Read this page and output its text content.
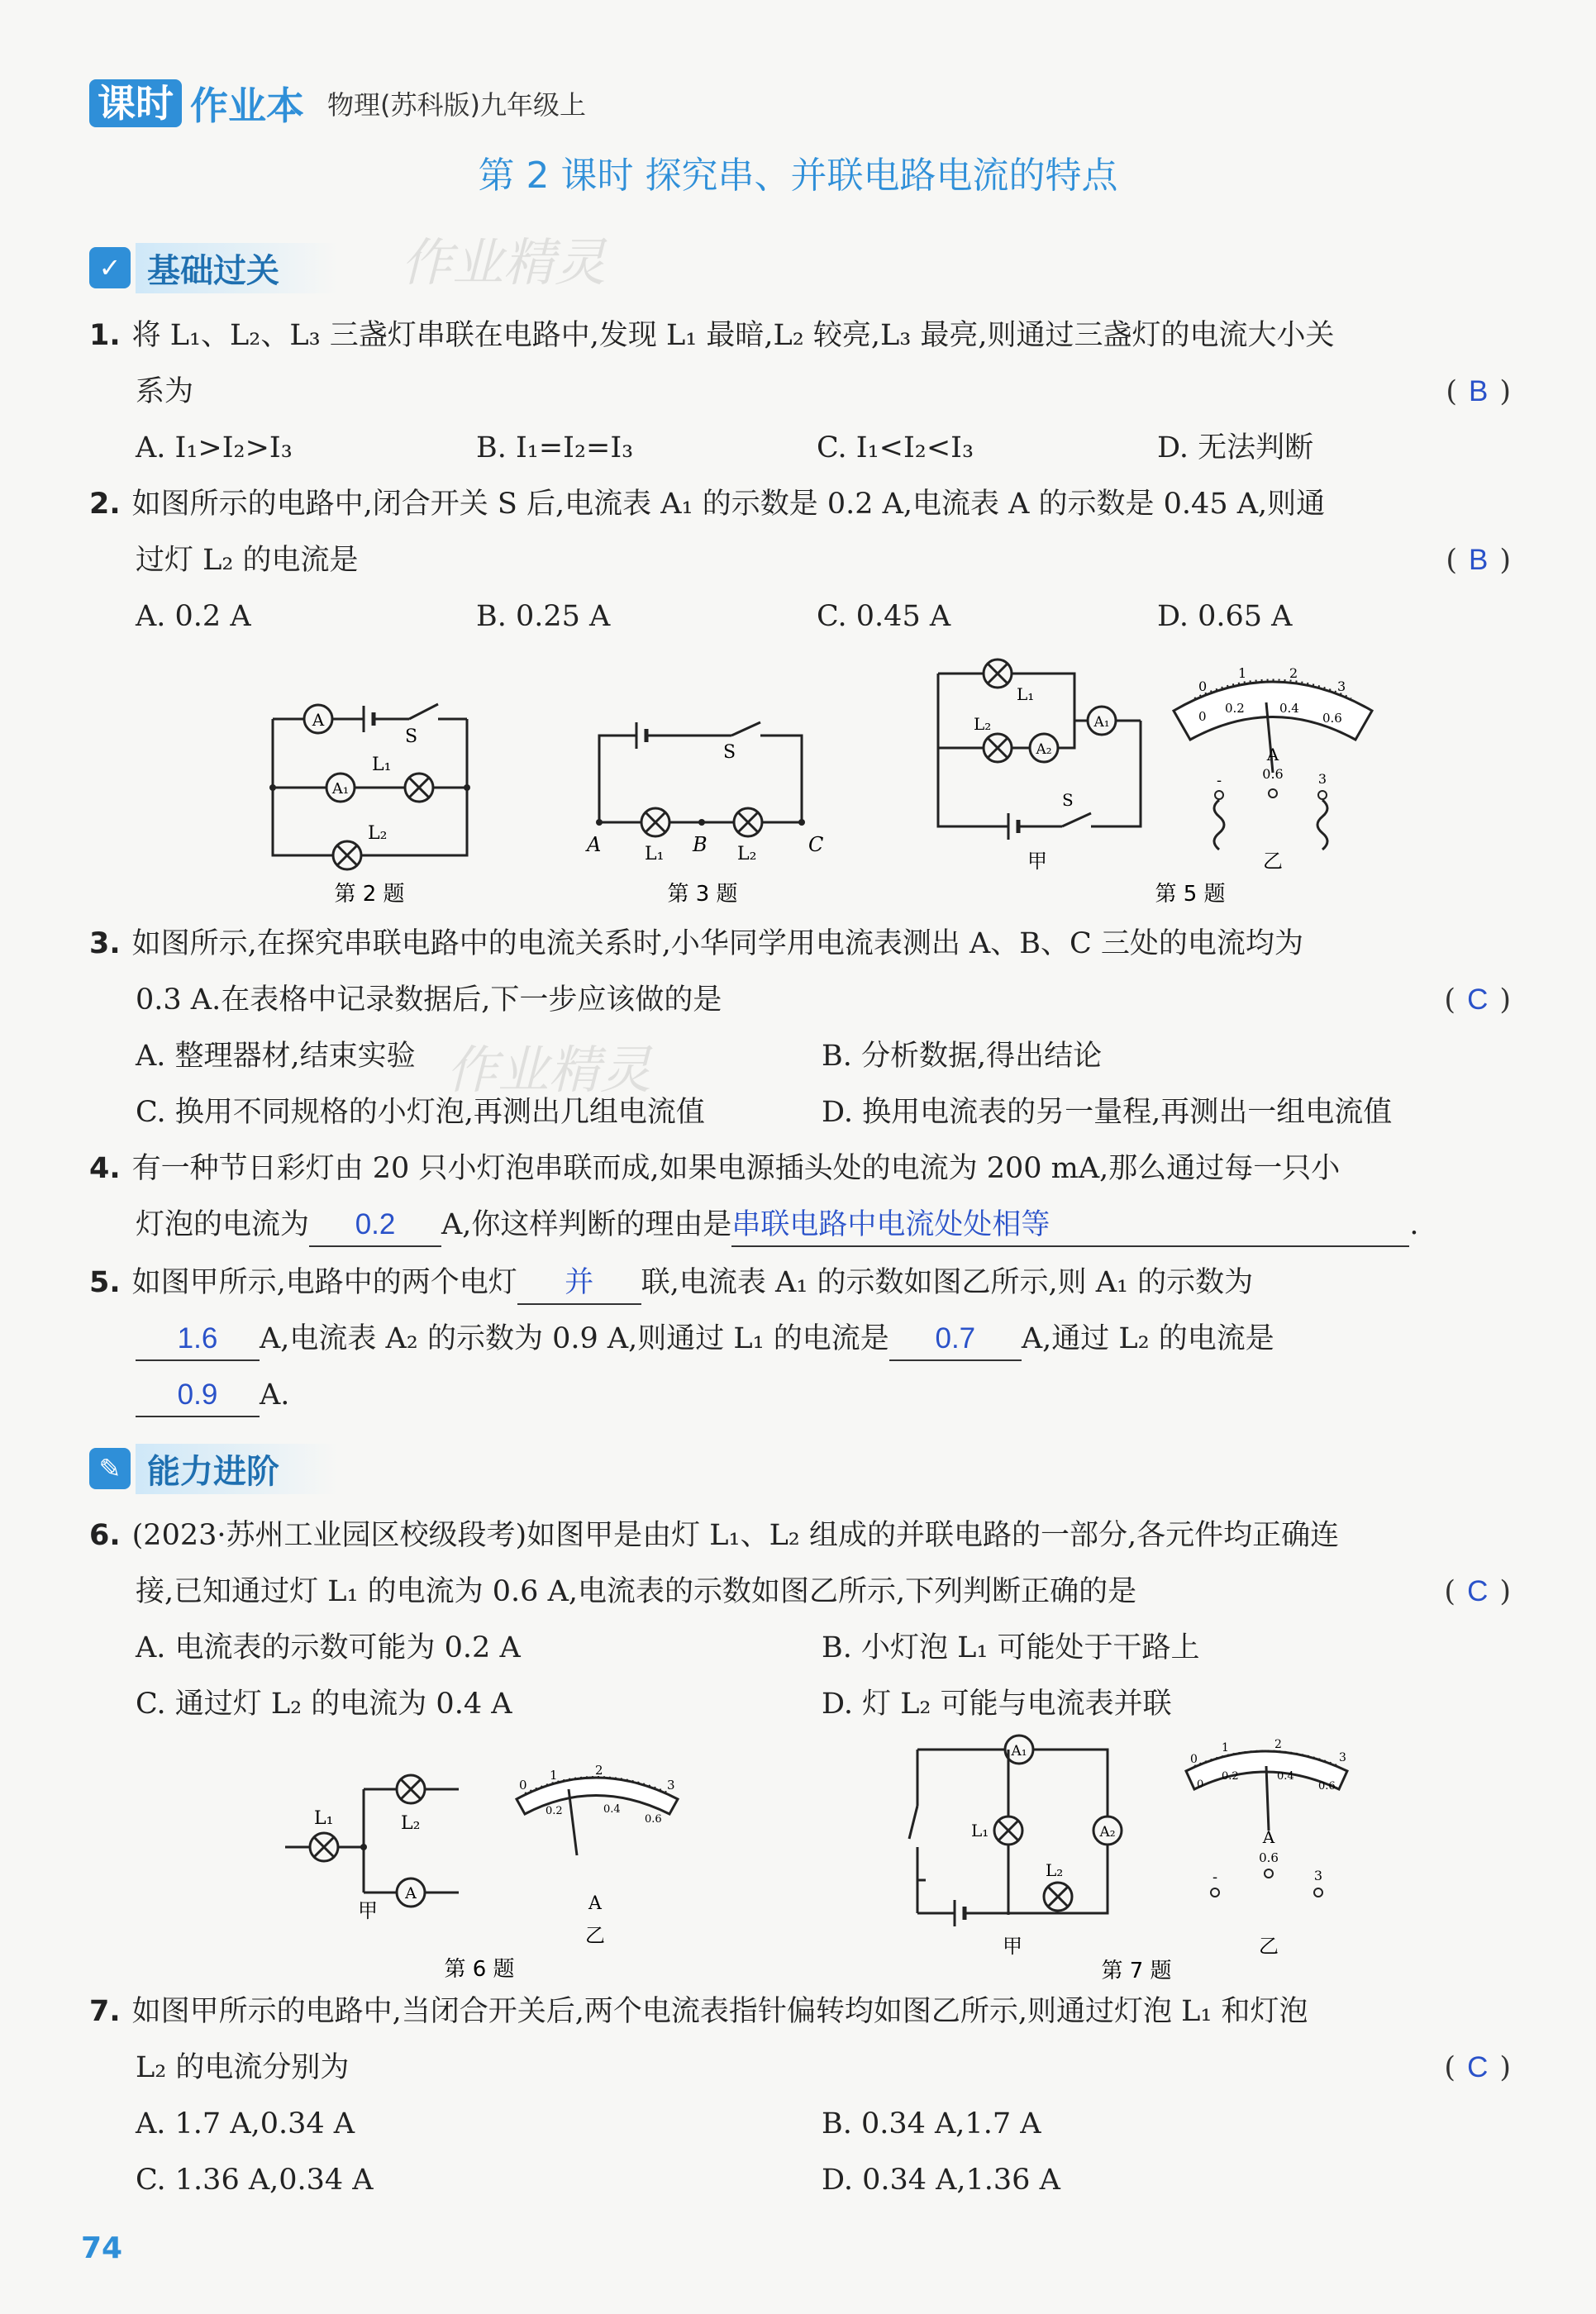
课时 作业本 物理(苏科版)九年级上
第 2 课时 探究串、并联电路电流的特点
✓ 基础过关	作业精灵
1. 将 L₁、L₂、L₃ 三盏灯串联在电路中,发现 L₁ 最暗,L₂ 较亮,L₃ 最亮,则通过三盏灯的电流大小关
系为	( B )
A. I₁>I₂>I₃	B. I₁=I₂=I₃	C. I₁<I₂<I₃	D. 无法判断
2. 如图所示的电路中,闭合开关 S 后,电流表 A₁ 的示数是 0.2 A,电流表 A 的示数是 0.45 A,则通
过灯 L₂ 的电流是	( B )
A. 0.2 A	B. 0.25 A	C. 0.45 A	D. 0.65 A
A
A₁
S
L₁
L₂
第 2 题
S
A	B	C
L₁	L₂
第 3 题
L₁
L₂	A₁
A₂
S
甲
0
1	2
3
0
0.2	0.4
0.6
A
-	0.6	3
乙
第 5 题
3. 如图所示,在探究串联电路中的电流关系时,小华同学用电流表测出 A、B、C 三处的电流均为
0.3 A.在表格中记录数据后,下一步应该做的是	( C )
A. 整理器材,结束实验	B. 分析数据,得出结论
C. 换用不同规格的小灯泡,再测出几组电流值	D. 换用电流表的另一量程,再测出一组电流值
作业精灵
4. 有一种节日彩灯由 20 只小灯泡串联而成,如果电源插头处的电流为 200 mA,那么通过每一只小
灯泡的电流为 0.2 A,你这样判断的理由是串联电路中电流处处相等	.
5. 如图甲所示,电路中的两个电灯 并 联,电流表 A₁ 的示数如图乙所示,则 A₁ 的示数为
1.6 A,电流表 A₂ 的示数为 0.9 A,则通过 L₁ 的电流是 0.7 A,通过 L₂ 的电流是
0.9 A.
✎ 能力进阶
6. (2023·苏州工业园区校级段考)如图甲是由灯 L₁、L₂ 组成的并联电路的一部分,各元件均正确连
接,已知通过灯 L₁ 的电流为 0.6 A,电流表的示数如图乙所示,下列判断正确的是	( C )
A. 电流表的示数可能为 0.2 A	B. 小灯泡 L₁ 可能处于干路上
C. 通过灯 L₂ 的电流为 0.4 A	D. 灯 L₂ 可能与电流表并联
L₁	L₂
A
甲
0
1	2
3
0.2	0.4
0.6
A
乙
第 6 题
A₁
A₂
L₁
L₂
甲
0
1	2
3
0
0.2	0.4
0.6
A
-
0.6
3
乙
第 7 题
7. 如图甲所示的电路中,当闭合开关后,两个电流表指针偏转均如图乙所示,则通过灯泡 L₁ 和灯泡
L₂ 的电流分别为	( C )
A. 1.7 A,0.34 A	B. 0.34 A,1.7 A
C. 1.36 A,0.34 A	D. 0.34 A,1.36 A
74
